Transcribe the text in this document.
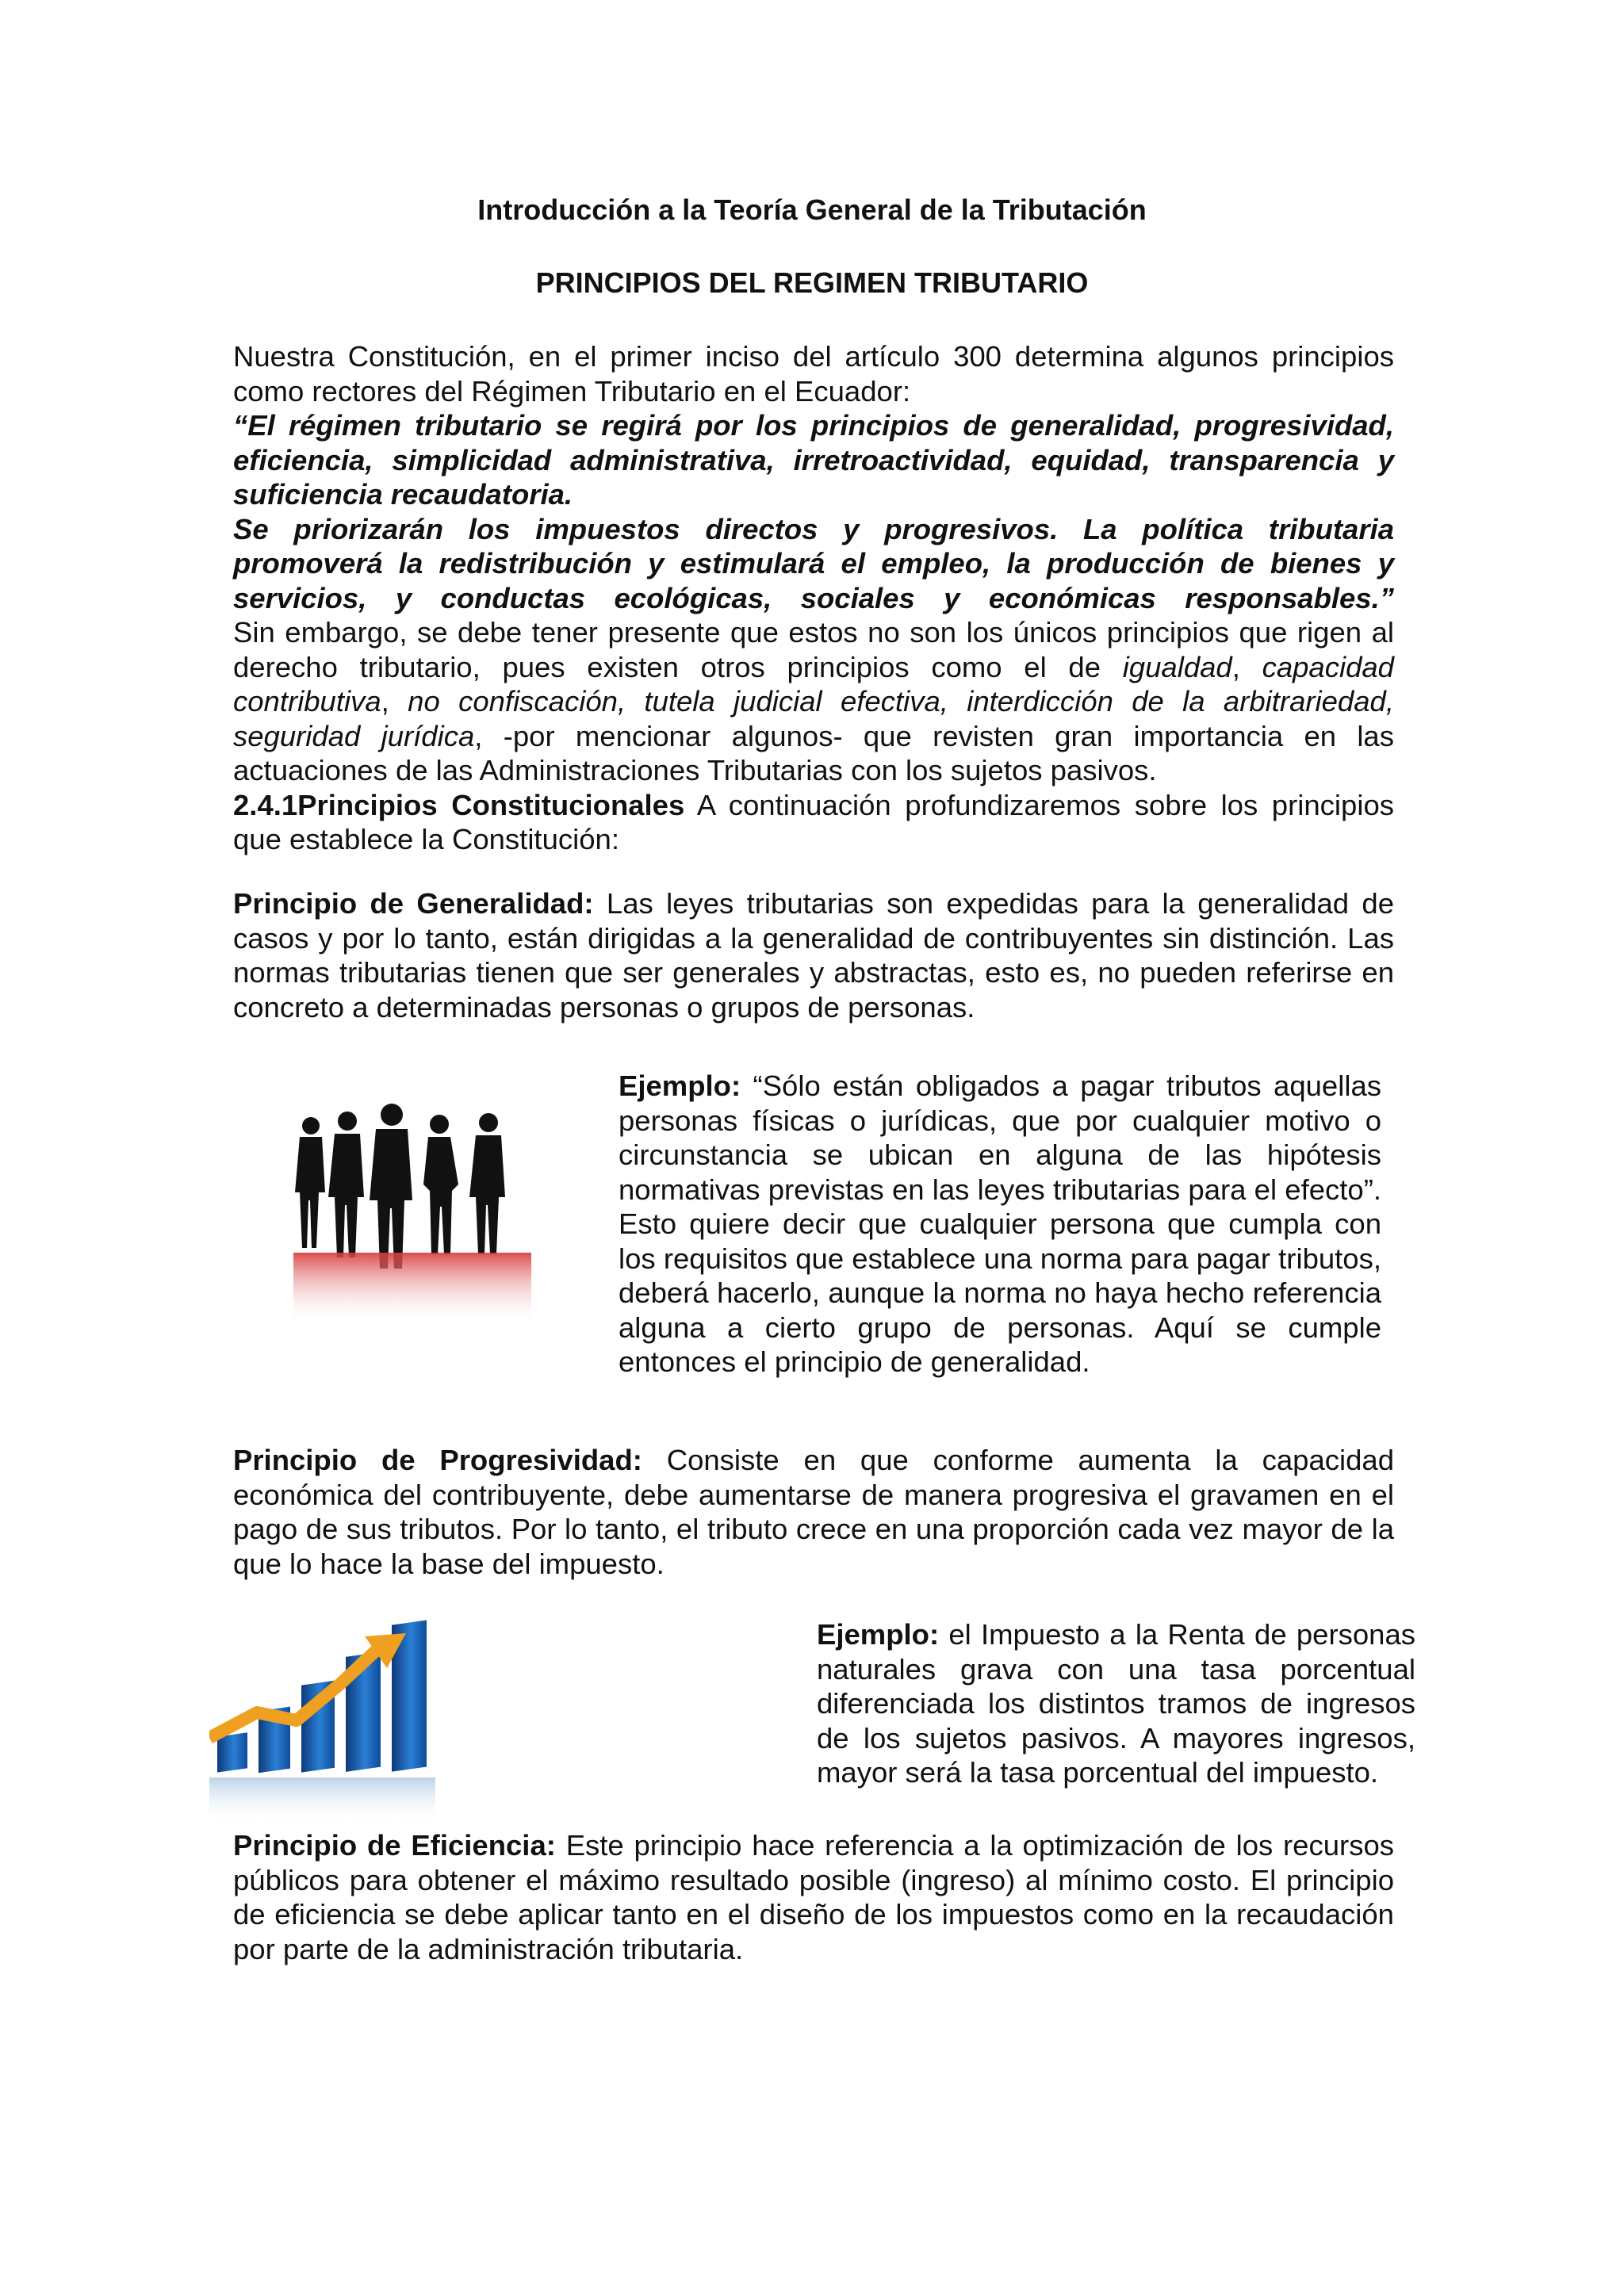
Introducción a la Teoría General de la Tributación
PRINCIPIOS DEL REGIMEN TRIBUTARIO

Nuestra Constitución, en el primer inciso del artículo 300 determina algunos principios como rectores del Régimen Tributario en el Ecuador:

“El régimen tributario se regirá por los principios de generalidad, progresividad, eficiencia, simplicidad administrativa, irretroactividad, equidad, transparencia y suficiencia recaudatoria.

Se priorizarán los impuestos directos y progresivos. La política tributaria promoverá la redistribución y estimulará el empleo, la producción de bienes y servicios, y conductas ecológicas, sociales y económicas responsables.”

Sin embargo, se debe tener presente que estos no son los únicos principios que rigen al derecho tributario, pues existen otros principios como el de igualdad, capacidad contributiva, no confiscación, tutela judicial efectiva, interdicción de la arbitrariedad, seguridad jurídica, -por mencionar algunos- que revisten gran importancia en las actuaciones de las Administraciones Tributarias con los sujetos pasivos.

2.4.1Principios Constitucionales A continuación profundizaremos sobre los principios que establece la Constitución:

Principio de Generalidad: Las leyes tributarias son expedidas para la generalidad de casos y por lo tanto, están dirigidas a la generalidad de contribuyentes sin distinción. Las normas tributarias tienen que ser generales y abstractas, esto es, no pueden referirse en concreto a determinadas personas o grupos de personas.
Ejemplo: “Sólo están obligados a pagar tributos aquellas personas físicas o jurídicas, que por cualquier motivo o circunstancia se ubican en alguna de las hipótesis normativas previstas en las leyes tributarias para el efecto”. Esto quiere decir que cualquier persona que cumpla con los requisitos que establece una norma para pagar tributos, deberá hacerlo, aunque la norma no haya hecho referencia alguna a cierto grupo de personas. Aquí se cumple entonces el principio de generalidad.
Principio de Progresividad: Consiste en que conforme aumenta la capacidad económica del contribuyente, debe aumentarse de manera progresiva el gravamen en el pago de sus tributos. Por lo tanto, el tributo crece en una proporción cada vez mayor de la que lo hace la base del impuesto.
Ejemplo: el Impuesto a la Renta de personas naturales grava con una tasa porcentual diferenciada los distintos tramos de ingresos de los sujetos pasivos. A mayores ingresos, mayor será la tasa porcentual del impuesto.
Principio de Eficiencia: Este principio hace referencia a la optimización de los recursos públicos para obtener el máximo resultado posible (ingreso) al mínimo costo. El principio de eficiencia se debe aplicar tanto en el diseño de los impuestos como en la recaudación por parte de la administración tributaria.
